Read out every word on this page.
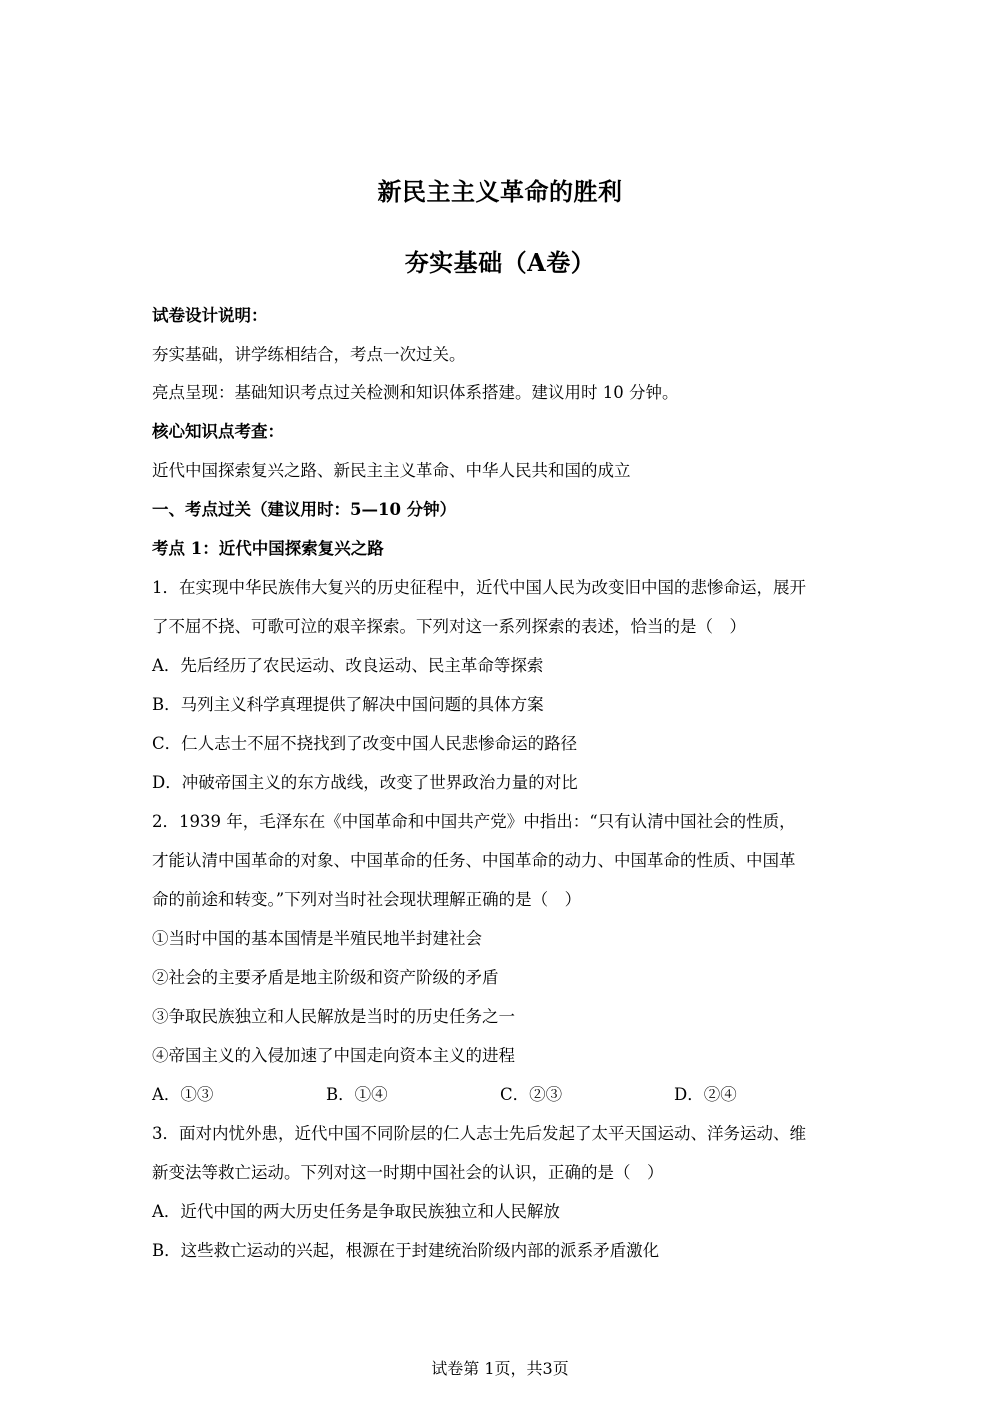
新民主主义革命的胜利
夯实基础（A卷）
试卷设计说明：
夯实基础，讲学练相结合，考点一次过关。
亮点呈现：基础知识考点过关检测和知识体系搭建。建议用时 10 分钟。
核心知识点考查：
近代中国探索复兴之路、新民主主义革命、中华人民共和国的成立
一、考点过关（建议用时：5—10 分钟）
考点 1：近代中国探索复兴之路
1．在实现中华民族伟大复兴的历史征程中，近代中国人民为改变旧中国的悲惨命运，展开
了不屈不挠、可歌可泣的艰辛探索。下列对这一系列探索的表述，恰当的是（　）
A．先后经历了农民运动、改良运动、民主革命等探索
B．马列主义科学真理提供了解决中国问题的具体方案
C．仁人志士不屈不挠找到了改变中国人民悲惨命运的路径
D．冲破帝国主义的东方战线，改变了世界政治力量的对比
2．1939 年，毛泽东在《中国革命和中国共产党》中指出：“只有认清中国社会的性质，
才能认清中国革命的对象、中国革命的任务、中国革命的动力、中国革命的性质、中国革
命的前途和转变。”下列对当时社会现状理解正确的是（　）
①当时中国的基本国情是半殖民地半封建社会
②社会的主要矛盾是地主阶级和资产阶级的矛盾
③争取民族独立和人民解放是当时的历史任务之一
④帝国主义的入侵加速了中国走向资本主义的进程
A．①③	B．①④	C．②③	D．②④
3．面对内忧外患，近代中国不同阶层的仁人志士先后发起了太平天国运动、洋务运动、维
新变法等救亡运动。下列对这一时期中国社会的认识，正确的是（　）
A．近代中国的两大历史任务是争取民族独立和人民解放
B．这些救亡运动的兴起，根源在于封建统治阶级内部的派系矛盾激化
试卷第 1页，共3页
